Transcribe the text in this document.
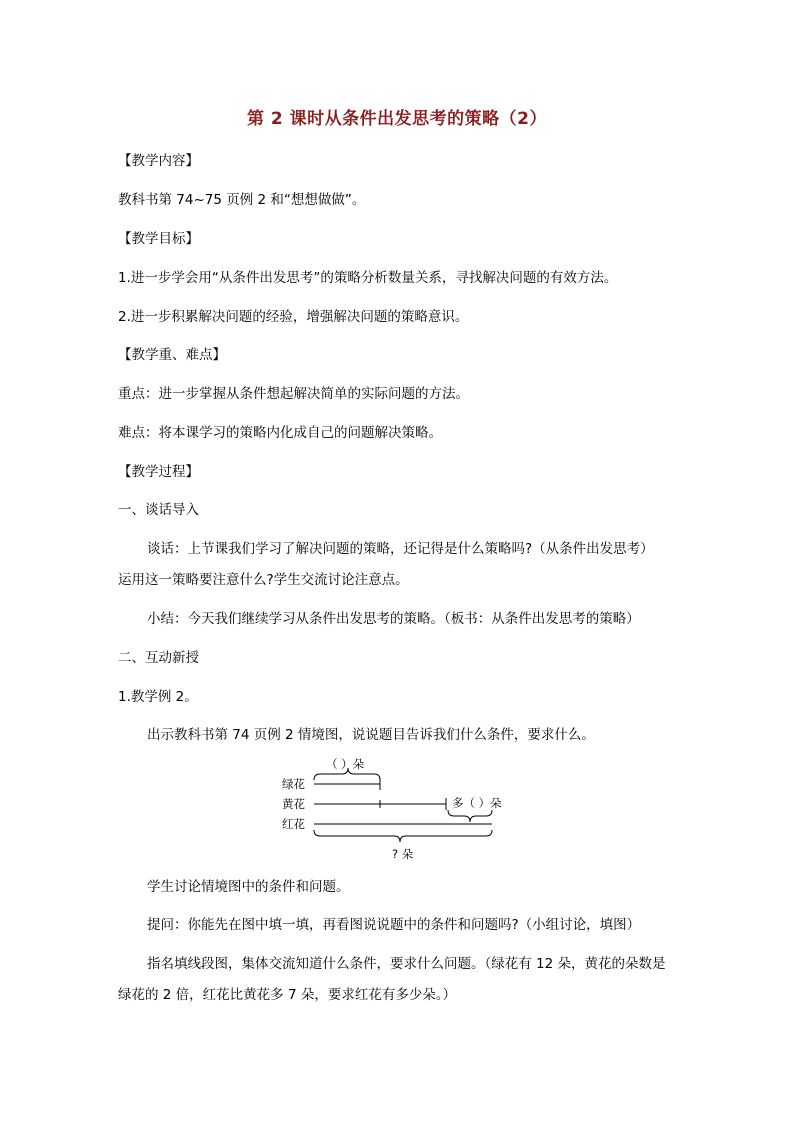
第 2 课时从条件出发思考的策略（2）
【教学内容】
教科书第 74~75 页例 2 和“想想做做”。
【教学目标】
1.进一步学会用“从条件出发思考”的策略分析数量关系，寻找解决问题的有效方法。
2.进一步积累解决问题的经验，增强解决问题的策略意识。
【教学重、难点】
重点：进一步掌握从条件想起解决简单的实际问题的方法。
难点：将本课学习的策略内化成自己的问题解决策略。
【教学过程】
一、谈话导入
谈话：上节课我们学习了解决问题的策略，还记得是什么策略吗?（从条件出发思考）
运用这一策略要注意什么?学生交流讨论注意点。
小结：今天我们继续学习从条件出发思考的策略。（板书：从条件出发思考的策略）
二、互动新授
1.教学例 2。
出示教科书第 74 页例 2 情境图，说说题目告诉我们什么条件，要求什么。
（ ）朵
绿花
黄花
红花
多（ ）朵
? 朵
学生讨论情境图中的条件和问题。
提问：你能先在图中填一填，再看图说说题中的条件和问题吗?（小组讨论，填图）
指名填线段图，集体交流知道什么条件，要求什么问题。（绿花有 12 朵，黄花的朵数是
绿花的 2 倍，红花比黄花多 7 朵，要求红花有多少朵。）
